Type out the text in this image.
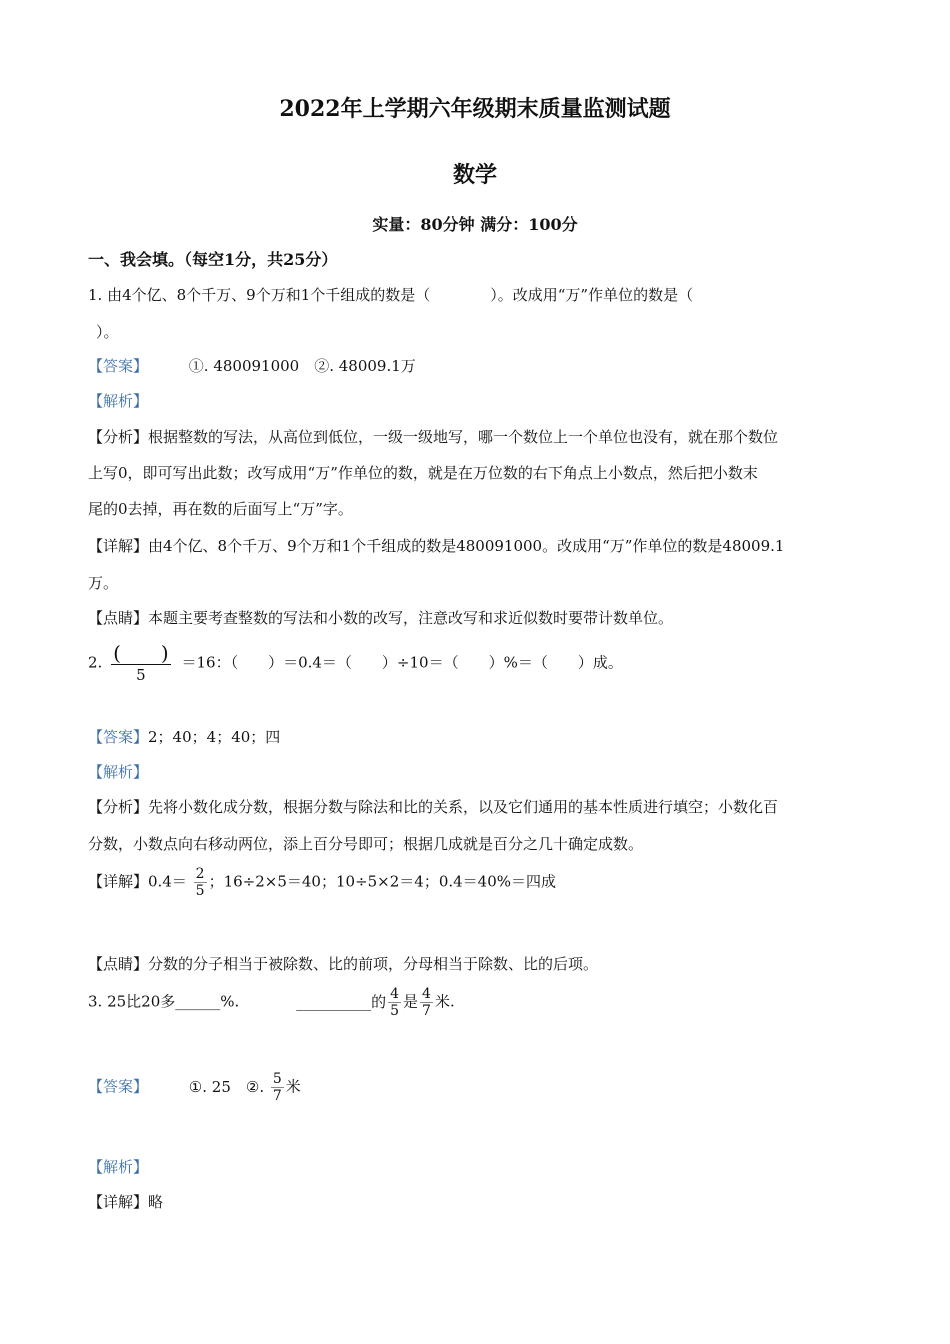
2022年上学期六年级期末质量监测试题
数学
实量：80分钟 满分：100分
一、我会填。（每空1分，共25分）
1. 由4个亿、8个千万、9个万和1个千组成的数是（　　　　）。改成用“万”作单位的数是（
）。
【答案】	①. 480091000　②. 48009.1万
【解析】
【分析】根据整数的写法，从高位到低位，一级一级地写，哪一个数位上一个单位也没有，就在那个数位
上写0，即可写出此数；改写成用“万”作单位的数，就是在万位数的右下角点上小数点，然后把小数末
尾的0去掉，再在数的后面写上“万”字。
【详解】由4个亿、8个千万、9个万和1个千组成的数是480091000。改成用“万”作单位的数是48009.1
万。
【点睛】本题主要考查整数的写法和小数的改写，注意改写和求近似数时要带计数单位。
2. $\frac{( )}{5} =16$：（　　）＝0.4＝（　　）÷10＝（　　）%＝（　　）成。
【答案】2；40；4；40；四
【解析】
【分析】先将小数化成分数，根据分数与除法和比的关系，以及它们通用的基本性质进行填空；小数化百
分数，小数点向右移动两位，添上百分号即可；根据几成就是百分之几十确定成数。
【详解】$0.4= \frac{2}{5}$ ；16÷2×5＝40；10÷5×2＝4；0.4＝40%＝四成
【点睛】分数的分子相当于被除数、比的前项，分母相当于除数、比的后项。
3. 25比20多______%.	__________的 $\frac{4}{5}$ 是 $\frac{4}{7}$ 米.
【答案】	①. 25　②. $\frac{5}{7}$ 米
【解析】
【详解】略
